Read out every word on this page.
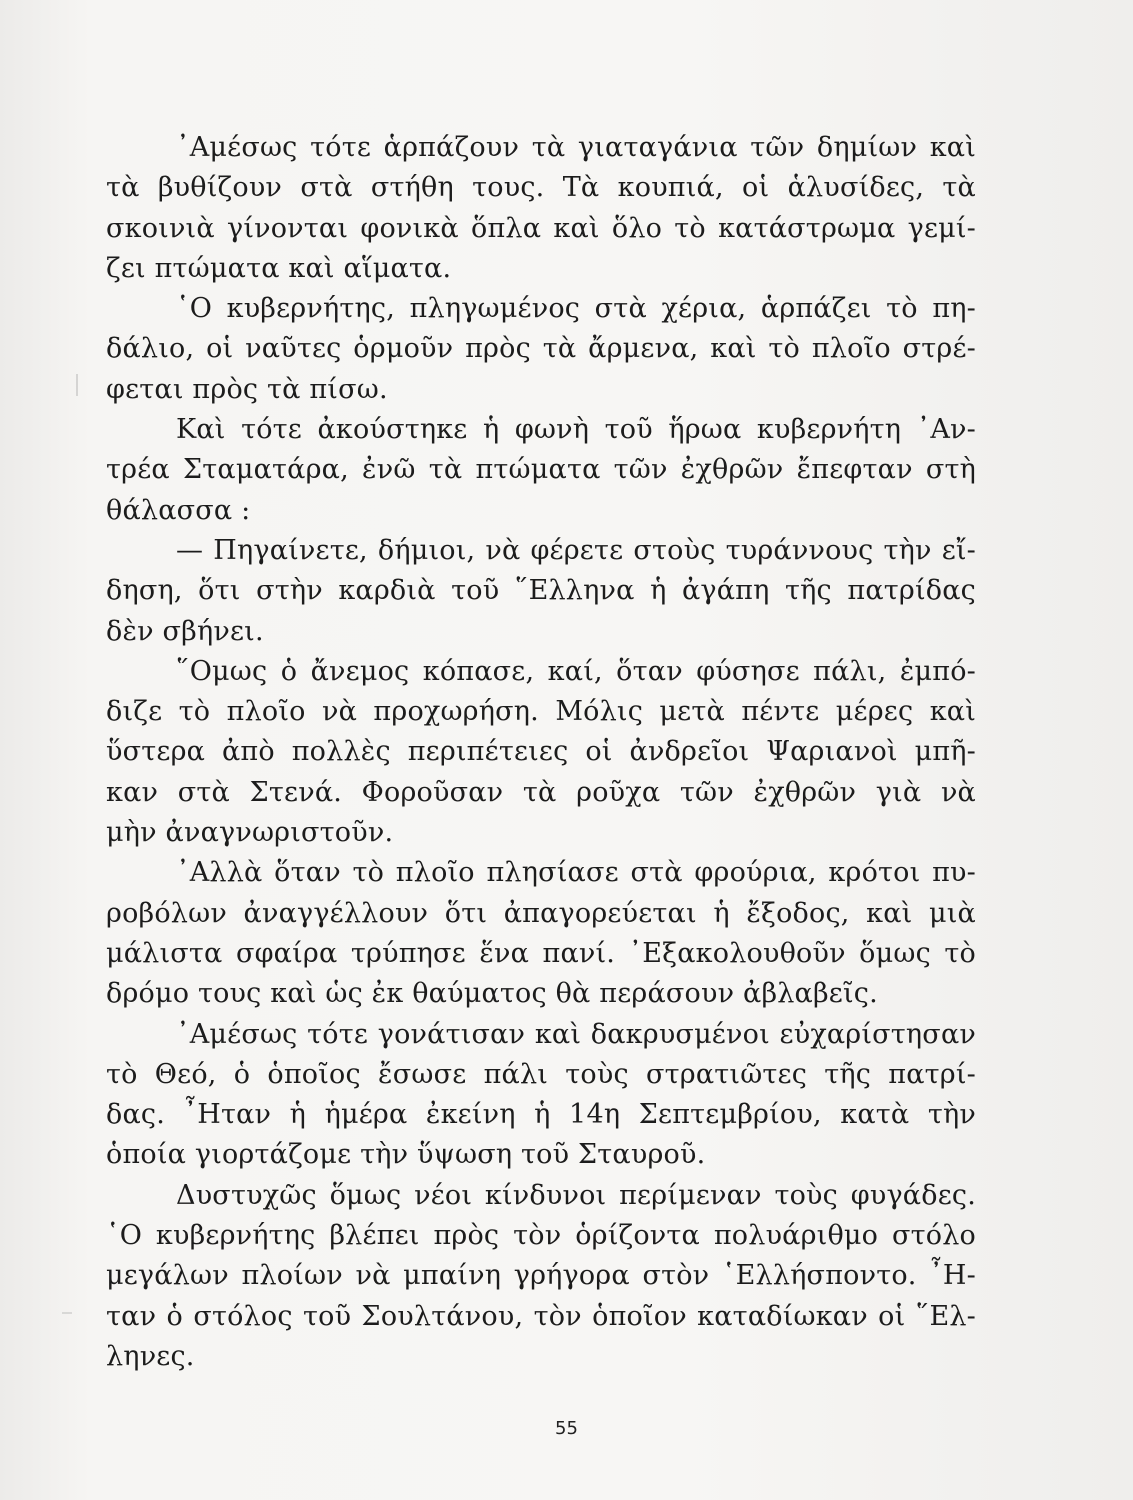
᾿Αμέσως τότε ἁρπάζουν τὰ γιαταγάνια τῶν δημίων καὶ
τὰ βυθίζουν στὰ στήθη τους. Τὰ κουπιά, οἱ ἁλυσίδες, τὰ
σκοινιὰ γίνονται φονικὰ ὅπλα καὶ ὅλο τὸ κατάστρωμα γεμί-
ζει πτώματα καὶ αἵματα.
῾Ο κυβερνήτης, πληγωμένος στὰ χέρια, ἁρπάζει τὸ πη-
δάλιο, οἱ ναῦτες ὁρμοῦν πρὸς τὰ ἄρμενα, καὶ τὸ πλοῖο στρέ-
φεται πρὸς τὰ πίσω.
Καὶ τότε ἀκούστηκε ἡ φωνὴ τοῦ ἥρωα κυβερνήτη ᾿Αν-
τρέα Σταματάρα, ἐνῶ τὰ πτώματα τῶν ἐχθρῶν ἔπεφταν στὴ
θάλασσα :
— Πηγαίνετε, δήμιοι, νὰ φέρετε στοὺς τυράννους τὴν εἴ-
δηση, ὅτι στὴν καρδιὰ τοῦ ῞Ελληνα ἡ ἀγάπη τῆς πατρίδας
δὲν σβήνει.
῞Ομως ὁ ἄνεμος κόπασε, καί, ὅταν φύσησε πάλι, ἐμπό-
διζε τὸ πλοῖο νὰ προχωρήση. Μόλις μετὰ πέντε μέρες καὶ
ὕστερα ἀπὸ πολλὲς περιπέτειες οἱ ἀνδρεῖοι Ψαριανοὶ μπῆ-
καν στὰ Στενά. Φοροῦσαν τὰ ροῦχα τῶν ἐχθρῶν γιὰ νὰ
μὴν ἀναγνωριστοῦν.
᾿Αλλὰ ὅταν τὸ πλοῖο πλησίασε στὰ φρούρια, κρότοι πυ-
ροβόλων ἀναγγέλλουν ὅτι ἀπαγορεύεται ἡ ἔξοδος, καὶ μιὰ
μάλιστα σφαίρα τρύπησε ἕνα πανί. ᾿Εξακολουθοῦν ὅμως τὸ
δρόμο τους καὶ ὡς ἐκ θαύματος θὰ περάσουν ἀβλαβεῖς.
᾿Αμέσως τότε γονάτισαν καὶ δακρυσμένοι εὐχαρίστησαν
τὸ Θεό, ὁ ὁποῖος ἔσωσε πάλι τοὺς στρατιῶτες τῆς πατρί-
δας. ῏Ηταν ἡ ἡμέρα ἐκείνη ἡ 14η Σεπτεμβρίου, κατὰ τὴν
ὁποία γιορτάζομε τὴν ὕψωση τοῦ Σταυροῦ.
Δυστυχῶς ὅμως νέοι κίνδυνοι περίμεναν τοὺς φυγάδες.
῾Ο κυβερνήτης βλέπει πρὸς τὸν ὁρίζοντα πολυάριθμο στόλο
μεγάλων πλοίων νὰ μπαίνη γρήγορα στὸν ῾Ελλήσποντο. ῏Η-
ταν ὁ στόλος τοῦ Σουλτάνου, τὸν ὁποῖον καταδίωκαν οἱ ῞Ελ-
ληνες.
55
